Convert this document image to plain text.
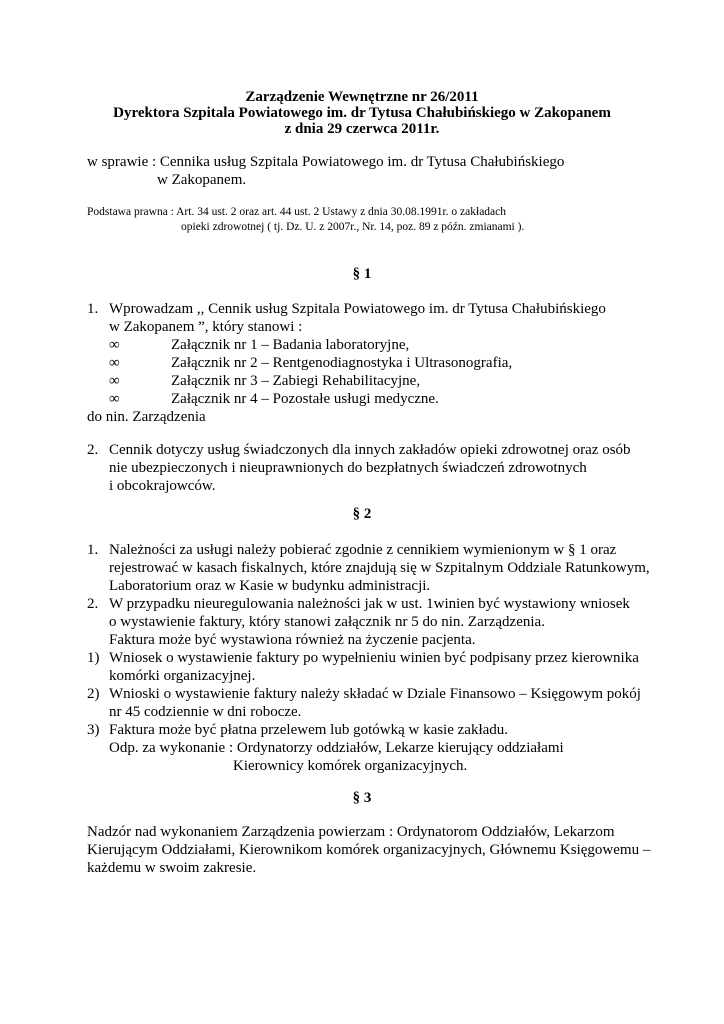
Zarządzenie Wewnętrzne nr 26/2011
Dyrektora Szpitala Powiatowego im. dr Tytusa Chałubińskiego w Zakopanem
z dnia 29 czerwca 2011r.
w sprawie : Cennika usług Szpitala Powiatowego im. dr Tytusa Chałubińskiego
w Zakopanem.
Podstawa prawna : Art. 34 ust. 2 oraz art. 44 ust. 2 Ustawy z dnia 30.08.1991r. o zakładach
opieki zdrowotnej ( tj. Dz. U. z 2007r., Nr. 14, poz. 89 z późn. zmianami ).
§ 1
1. Wprowadzam ,, Cennik usług Szpitala Powiatowego im. dr Tytusa Chałubińskiego
w Zakopanem ”, który stanowi :
∞	Załącznik nr 1 – Badania laboratoryjne,
∞	Załącznik nr 2 – Rentgenodiagnostyka i Ultrasonografia,
∞	Załącznik nr 3 – Zabiegi Rehabilitacyjne,
∞	Załącznik nr 4 – Pozostałe usługi medyczne.
do nin. Zarządzenia
2. Cennik dotyczy usług świadczonych dla innych zakładów opieki zdrowotnej oraz osób
nie ubezpieczonych i nieuprawnionych do bezpłatnych świadczeń zdrowotnych
i obcokrajowców.
§ 2
1. Należności za usługi należy pobierać zgodnie z cennikiem wymienionym w § 1 oraz
rejestrować w kasach fiskalnych, które znajdują się w Szpitalnym Oddziale Ratunkowym,
Laboratorium oraz w Kasie w budynku administracji.
2. W przypadku nieuregulowania należności jak w ust. 1winien być wystawiony wniosek
o wystawienie faktury, który stanowi załącznik nr 5 do nin. Zarządzenia.
Faktura może być wystawiona również na życzenie pacjenta.
1) Wniosek o wystawienie faktury po wypełnieniu winien być podpisany przez kierownika
komórki organizacyjnej.
2) Wnioski o wystawienie faktury należy składać w Dziale Finansowo – Księgowym pokój
nr 45 codziennie w dni robocze.
3) Faktura może być płatna przelewem lub gotówką w kasie zakładu.
Odp. za wykonanie : Ordynatorzy oddziałów, Lekarze kierujący oddziałami
Kierownicy komórek organizacyjnych.
§ 3
Nadzór nad wykonaniem Zarządzenia powierzam : Ordynatorom Oddziałów, Lekarzom
Kierującym Oddziałami, Kierownikom komórek organizacyjnych, Głównemu Księgowemu –
każdemu w swoim zakresie.
